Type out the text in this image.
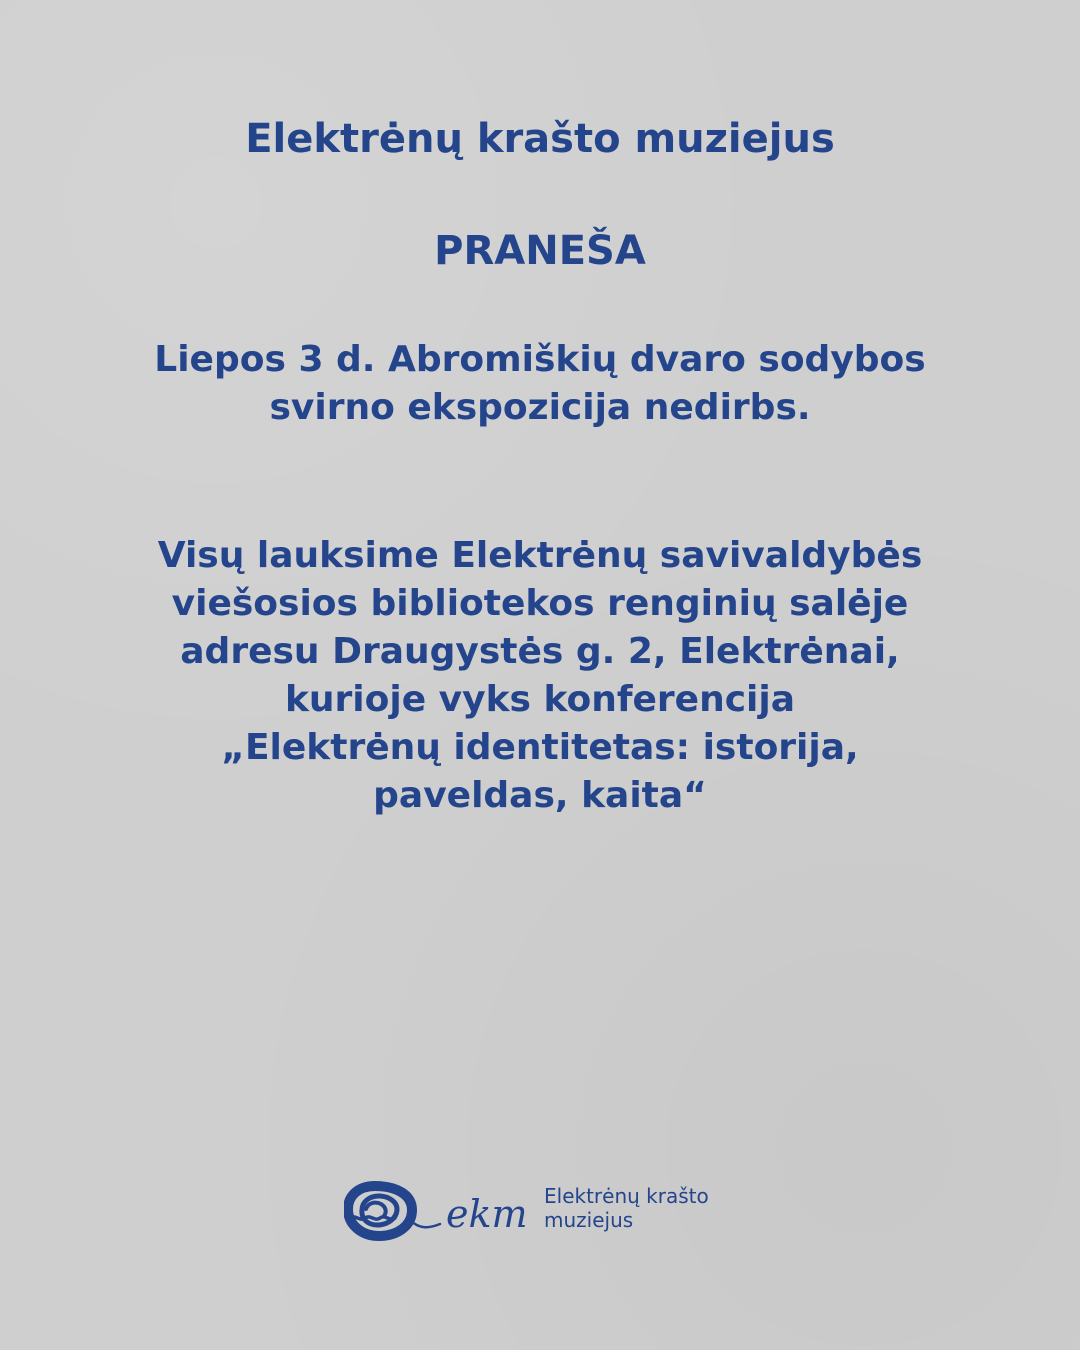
Elektrėnų krašto muziejus
PRANEŠA
Liepos 3 d. Abromiškių dvaro sodybos
svirno ekspozicija nedirbs.
Visų lauksime Elektrėnų savivaldybės
viešosios bibliotekos renginių salėje
adresu Draugystės g. 2, Elektrėnai,
kurioje vyks konferencija
„Elektrėnų identitetas: istorija,
paveldas, kaita“
ekm Elektrėnų krašto
muziejus
